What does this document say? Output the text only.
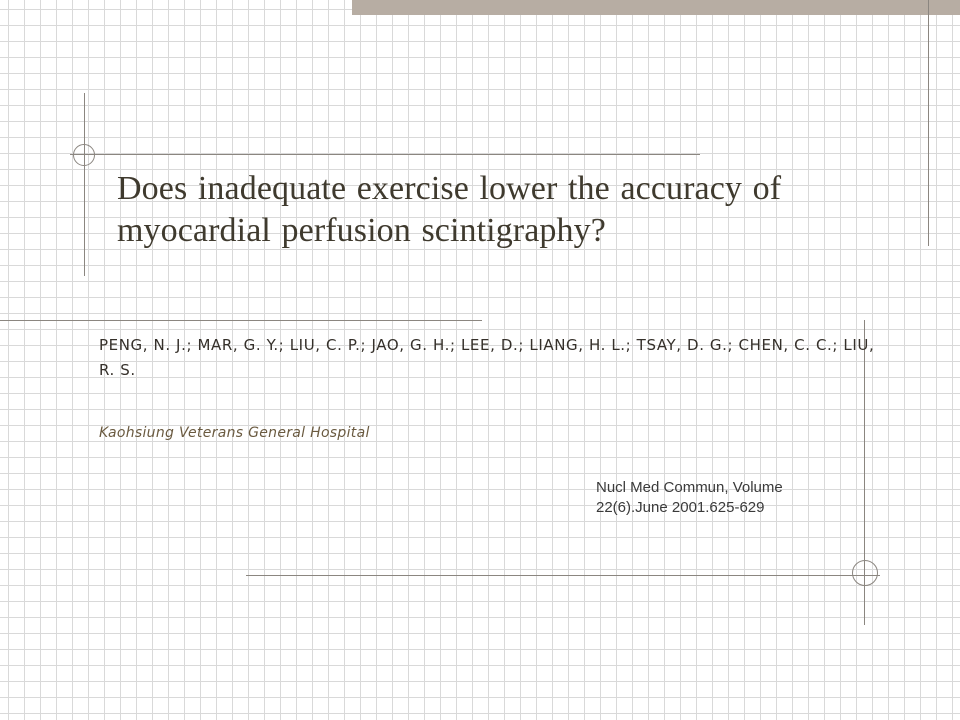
Does inadequate exercise lower the accuracy of myocardial perfusion scintigraphy?
PENG, N. J.; MAR, G. Y.; LIU, C. P.; JAO, G. H.; LEE, D.; LIANG, H. L.; TSAY, D. G.; CHEN, C. C.; LIU, R. S.
Kaohsiung Veterans General Hospital
Nucl Med Commun, Volume
22(6).June 2001.625-629
